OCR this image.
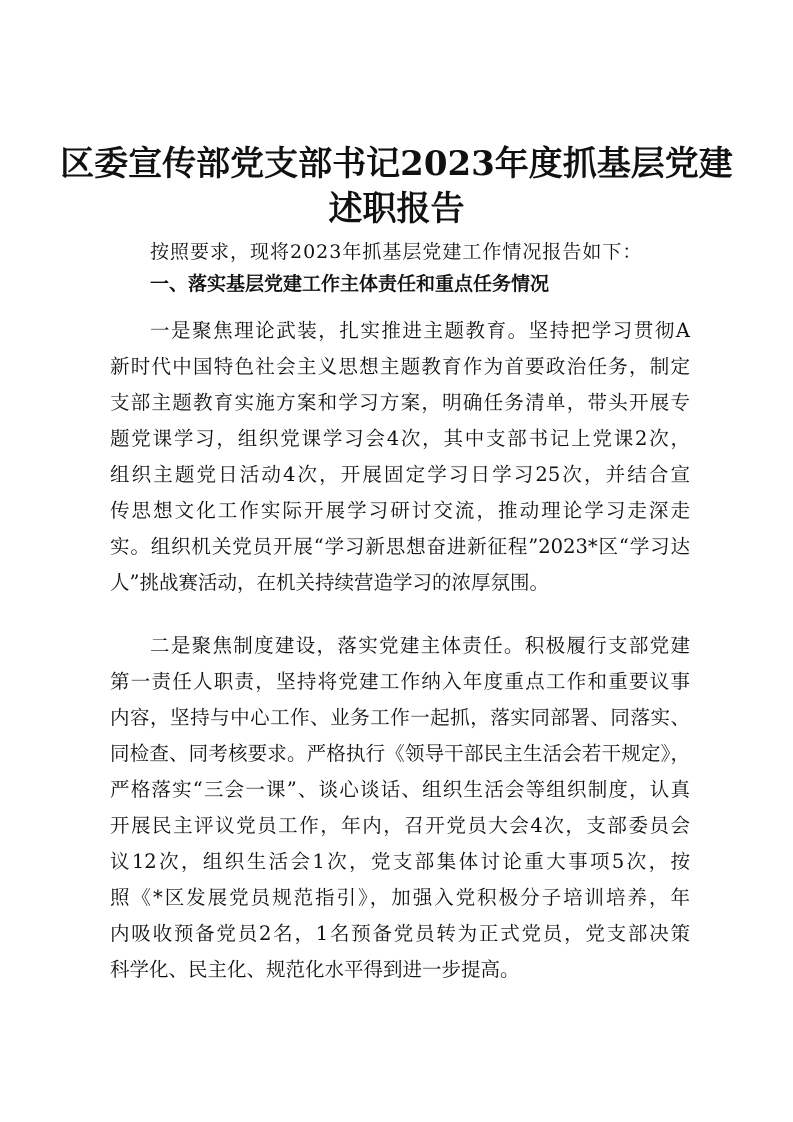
区委宣传部党支部书记2023年度抓基层党建
述职报告

按照要求，现将2023年抓基层党建工作情况报告如下：

一、落实基层党建工作主体责任和重点任务情况
一是聚焦理论武装，扎实推进主题教育。坚持把学习贯彻A
新时代中国特色社会主义思想主题教育作为首要政治任务，制定
支部主题教育实施方案和学习方案，明确任务清单，带头开展专
题党课学习，组织党课学习会4次，其中支部书记上党课2次，
组织主题党日活动4次，开展固定学习日学习25次，并结合宣
传思想文化工作实际开展学习研讨交流，推动理论学习走深走
实。组织机关党员开展“学习新思想奋进新征程”2023*区“学习达
人”挑战赛活动，在机关持续营造学习的浓厚氛围。
二是聚焦制度建设，落实党建主体责任。积极履行支部党建
第一责任人职责，坚持将党建工作纳入年度重点工作和重要议事
内容，坚持与中心工作、业务工作一起抓，落实同部署、同落实、
同检查、同考核要求。严格执行《领导干部民主生活会若干规定》，
严格落实“三会一课”、谈心谈话、组织生活会等组织制度，认真
开展民主评议党员工作，年内，召开党员大会4次，支部委员会
议12次，组织生活会1次，党支部集体讨论重大事项5次，按
照《*区发展党员规范指引》，加强入党积极分子培训培养，年
内吸收预备党员2名，1名预备党员转为正式党员，党支部决策
科学化、民主化、规范化水平得到进一步提高。
